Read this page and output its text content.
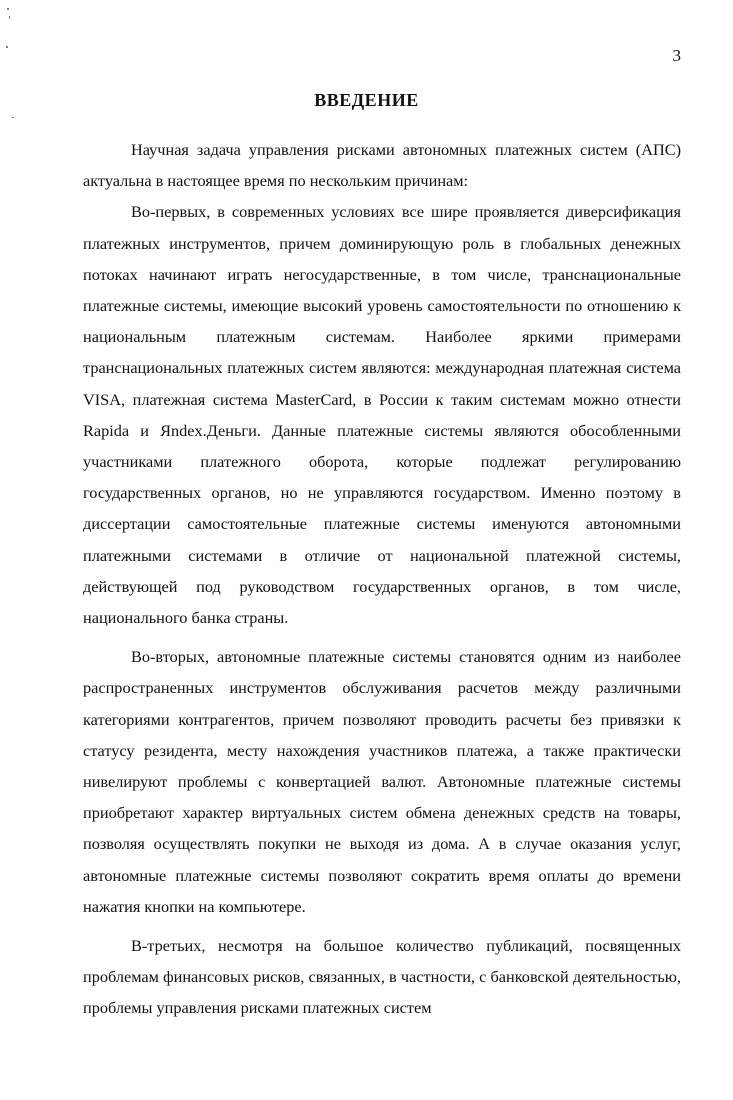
3
ВВЕДЕНИЕ

Научная задача управления рисками автономных платежных систем (АПС) актуальна в настоящее время по нескольким причинам:

Во-первых, в современных условиях все шире проявляется диверсификация платежных инструментов, причем доминирующую роль в глобальных денежных потоках начинают играть негосударственные, в том числе, транснациональные платежные системы, имеющие высокий уровень самостоятельности по отношению к национальным платежным системам. Наиболее яркими примерами транснациональных платежных систем являются: международная платежная система VISA, платежная система MasterCard, в России к таким системам можно отнести Rapida и Яndex.Деньги. Данные платежные системы являются обособленными участниками платежного оборота, которые подлежат регулированию государственных органов, но не управляются государством. Именно поэтому в диссертации самостоятельные платежные системы именуются автономными платежными системами в отличие от национальной платежной системы, действующей под руководством государственных органов, в том числе, национального банка страны.

Во-вторых, автономные платежные системы становятся одним из наиболее распространенных инструментов обслуживания расчетов между различными категориями контрагентов, причем позволяют проводить расчеты без привязки к статусу резидента, месту нахождения участников платежа, а также практически нивелируют проблемы с конвертацией валют. Автономные платежные системы приобретают характер виртуальных систем обмена денежных средств на товары, позволяя осуществлять покупки не выходя из дома. А в случае оказания услуг, автономные платежные системы позволяют сократить время оплаты до времени нажатия кнопки на компьютере.

В-третьих, несмотря на большое количество публикаций, посвященных проблемам финансовых рисков, связанных, в частности, с банковской деятельностью, проблемы управления рисками платежных систем
